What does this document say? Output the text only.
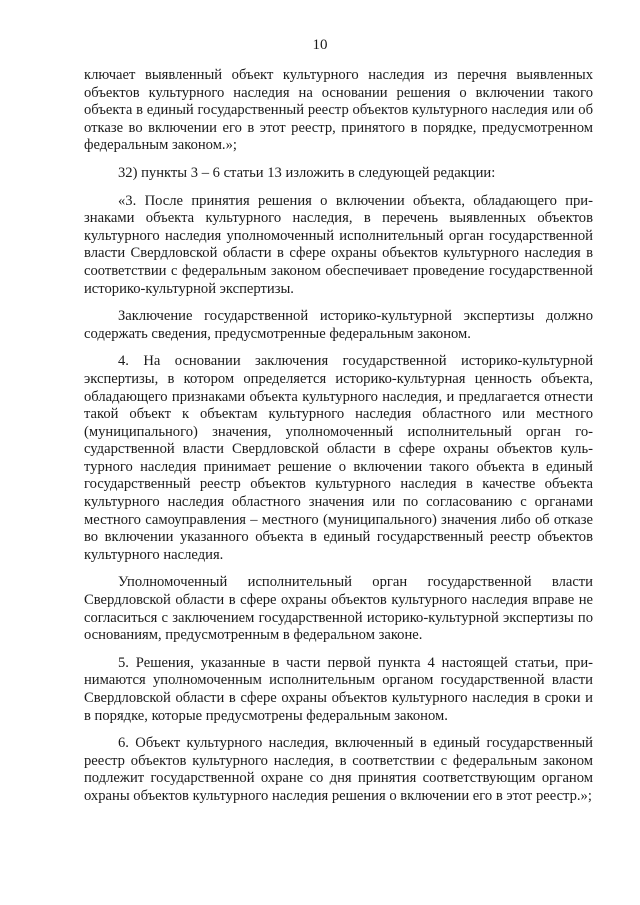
10

ключает выявленный объект культурного наследия из перечня выявленных объектов культурного наследия на основании решения о включении такого объекта в единый государственный реестр объектов культурного наследия или об отказе во включении его в этот реестр, принятого в порядке, предусмотренном федеральным законом.»;

32) пункты 3 – 6 статьи 13 изложить в следующей редакции:

«3. После принятия решения о включении объекта, обладающего признаками объекта культурного наследия, в перечень выявленных объектов культурного наследия уполномоченный исполнительный орган государственной власти Свердловской области в сфере охраны объектов культурного наследия в соответствии с федеральным законом обеспечивает проведение государственной историко-культурной экспертизы.

Заключение государственной историко-культурной экспертизы должно содержать сведения, предусмотренные федеральным законом.

4. На основании заключения государственной историко-культурной экспертизы, в котором определяется историко-культурная ценность объекта, обладающего признаками объекта культурного наследия, и предлагается отнести такой объект к объектам культурного наследия областного или местного (муниципального) значения, уполномоченный исполнительный орган государственной власти Свердловской области в сфере охраны объектов культурного наследия принимает решение о включении такого объекта в единый государственный реестр объектов культурного наследия в качестве объекта культурного наследия областного значения или по согласованию с органами местного самоуправления – местного (муниципального) значения либо об отказе во включении указанного объекта в единый государственный реестр объектов культурного наследия.

Уполномоченный исполнительный орган государственной власти Свердловской области в сфере охраны объектов культурного наследия вправе не согласиться с заключением государственной историко-культурной экспертизы по основаниям, предусмотренным в федеральном законе.

5. Решения, указанные в части первой пункта 4 настоящей статьи, принимаются уполномоченным исполнительным органом государственной власти Свердловской области в сфере охраны объектов культурного наследия в сроки и в порядке, которые предусмотрены федеральным законом.

6. Объект культурного наследия, включенный в единый государственный реестр объектов культурного наследия, в соответствии с федеральным законом подлежит государственной охране со дня принятия соответствующим органом охраны объектов культурного наследия решения о включении его в этот реестр.»;
